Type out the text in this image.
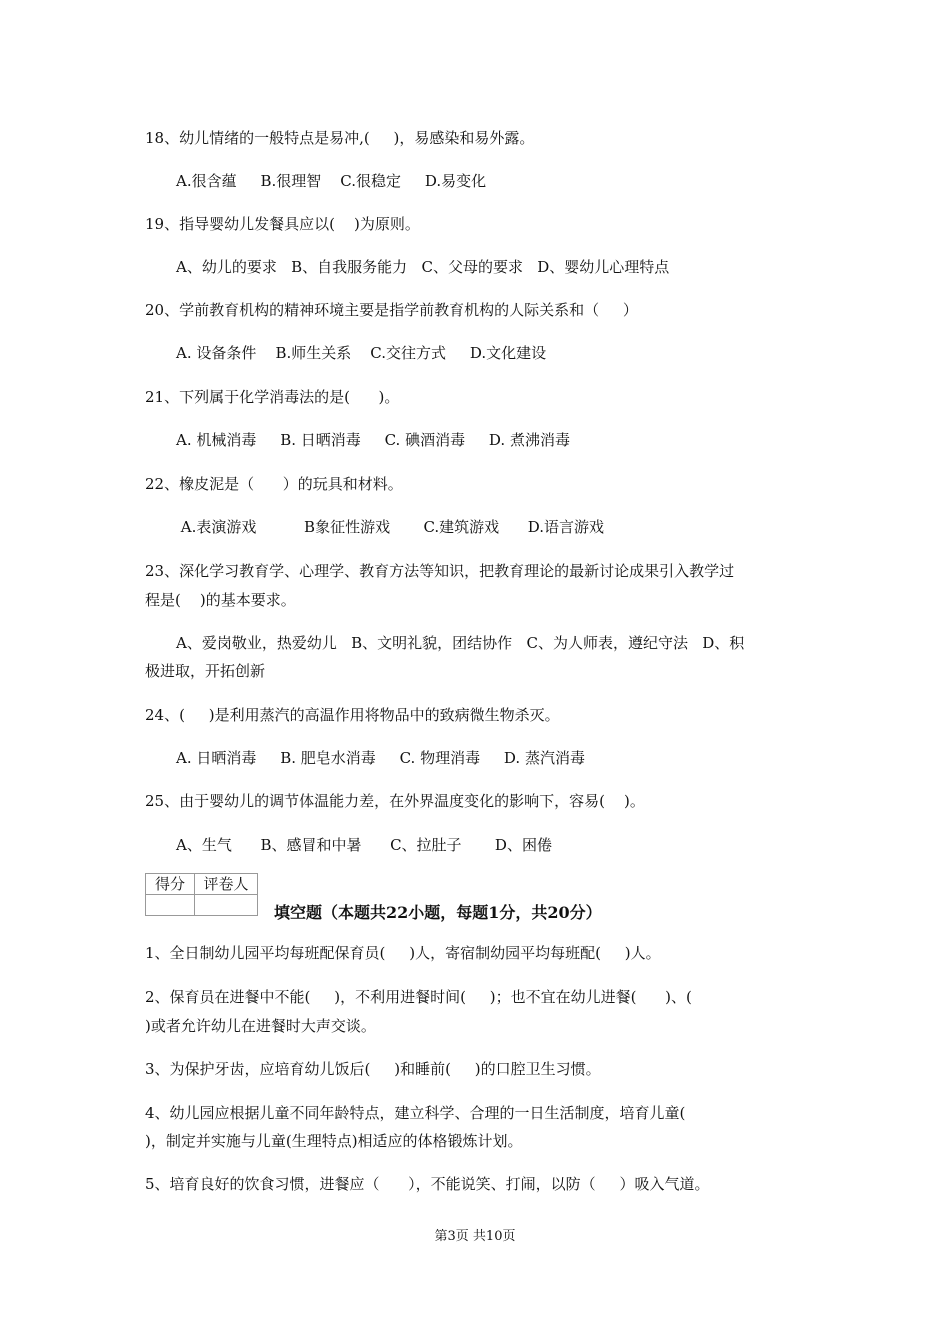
18、幼儿情绪的一般特点是易冲,(     )，易感染和易外露。
A.很含蕴     B.很理智    C.很稳定     D.易变化
19、指导婴幼儿发餐具应以(    )为原则。
A、幼儿的要求   B、自我服务能力   C、父母的要求   D、婴幼儿心理特点
20、学前教育机构的精神环境主要是指学前教育机构的人际关系和（     ）
A. 设备条件    B.师生关系    C.交往方式     D.文化建设
21、下列属于化学消毒法的是(      )。
A. 机械消毒     B. 日晒消毒     C. 碘酒消毒     D. 煮沸消毒
22、橡皮泥是（      ）的玩具和材料。
A.表演游戏          B象征性游戏       C.建筑游戏      D.语言游戏
23、深化学习教育学、心理学、教育方法等知识，把教育理论的最新讨论成果引入教学过
程是(    )的基本要求。
A、爱岗敬业，热爱幼儿   B、文明礼貌，团结协作   C、为人师表，遵纪守法   D、积
极进取，开拓创新
24、(     )是利用蒸汽的高温作用将物品中的致病微生物杀灭。
A. 日晒消毒     B. 肥皂水消毒     C. 物理消毒     D. 蒸汽消毒
25、由于婴幼儿的调节体温能力差，在外界温度变化的影响下，容易(    )。
A、生气      B、感冒和中暑      C、拉肚子       D、困倦
得分	评卷人

填空题（本题共22小题，每题1分，共20分）
1、全日制幼儿园平均每班配保育员(     )人，寄宿制幼园平均每班配(     )人。
2、保育员在进餐中不能(     )，不利用进餐时间(     )；也不宜在幼儿进餐(      )、(
)或者允许幼儿在进餐时大声交谈。
3、为保护牙齿，应培育幼儿饭后(     )和睡前(     )的口腔卫生习惯。
4、幼儿园应根据儿童不同年龄特点，建立科学、合理的一日生活制度，培育儿童(
)，制定并实施与儿童(生理特点)相适应的体格锻炼计划。
5、培育良好的饮食习惯，进餐应（      ），不能说笑、打闹，以防（     ）吸入气道。
第3页 共10页
